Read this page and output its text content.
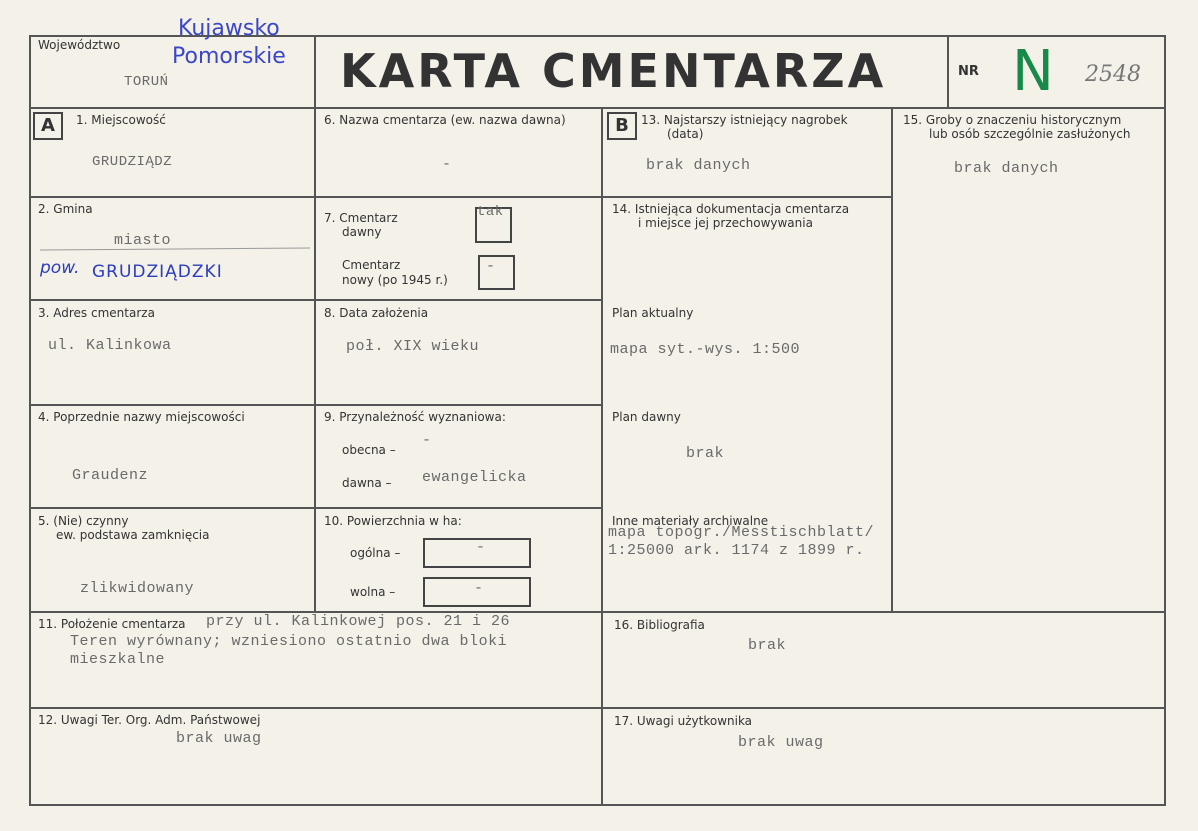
Województwo
TORUŃ
Kujawsko
Pomorskie KARTA CMENTARZA	NR N 2548
A	B
1. Miejscowość
GRUDZIĄDZ
2. Gmina
miasto
pow. GRUDZIĄDZKI
3. Adres cmentarza
ul. Kalinkowa
4. Poprzednie nazwy miejscowości
Graudenz
5. (Nie) czynny
ew. podstawa zamknięcia
zlikwidowany
6. Nazwa cmentarza (ew. nazwa dawna)
-
7. Cmentarz
dawny
tak
Cmentarz
nowy (po 1945 r.)
-
8. Data założenia
poł. XIX wieku
9. Przynależność wyznaniowa:
obecna –
-
dawna – ewangelicka
10. Powierzchnia w ha:
ogólna –	-
wolna –	-
11. Położenie cmentarza przy ul. Kalinkowej pos. 21 i 26
Teren wyrównany; wzniesiono ostatnio dwa bloki
mieszkalne
12. Uwagi Ter. Org. Adm. Państwowej
brak uwag
13. Najstarszy istniejący nagrobek
(data)
brak danych
14. Istniejąca dokumentacja cmentarza
i miejsce jej przechowywania
Plan aktualny
mapa syt.-wys. 1:500
Plan dawny
brak
Inne materiały archiwalne
mapa topogr./Messtischblatt/
1:25000 ark. 1174 z 1899 r.
15. Groby o znaczeniu historycznym
lub osób szczególnie zasłużonych
brak danych
16. Bibliografia
brak
17. Uwagi użytkownika
brak uwag
